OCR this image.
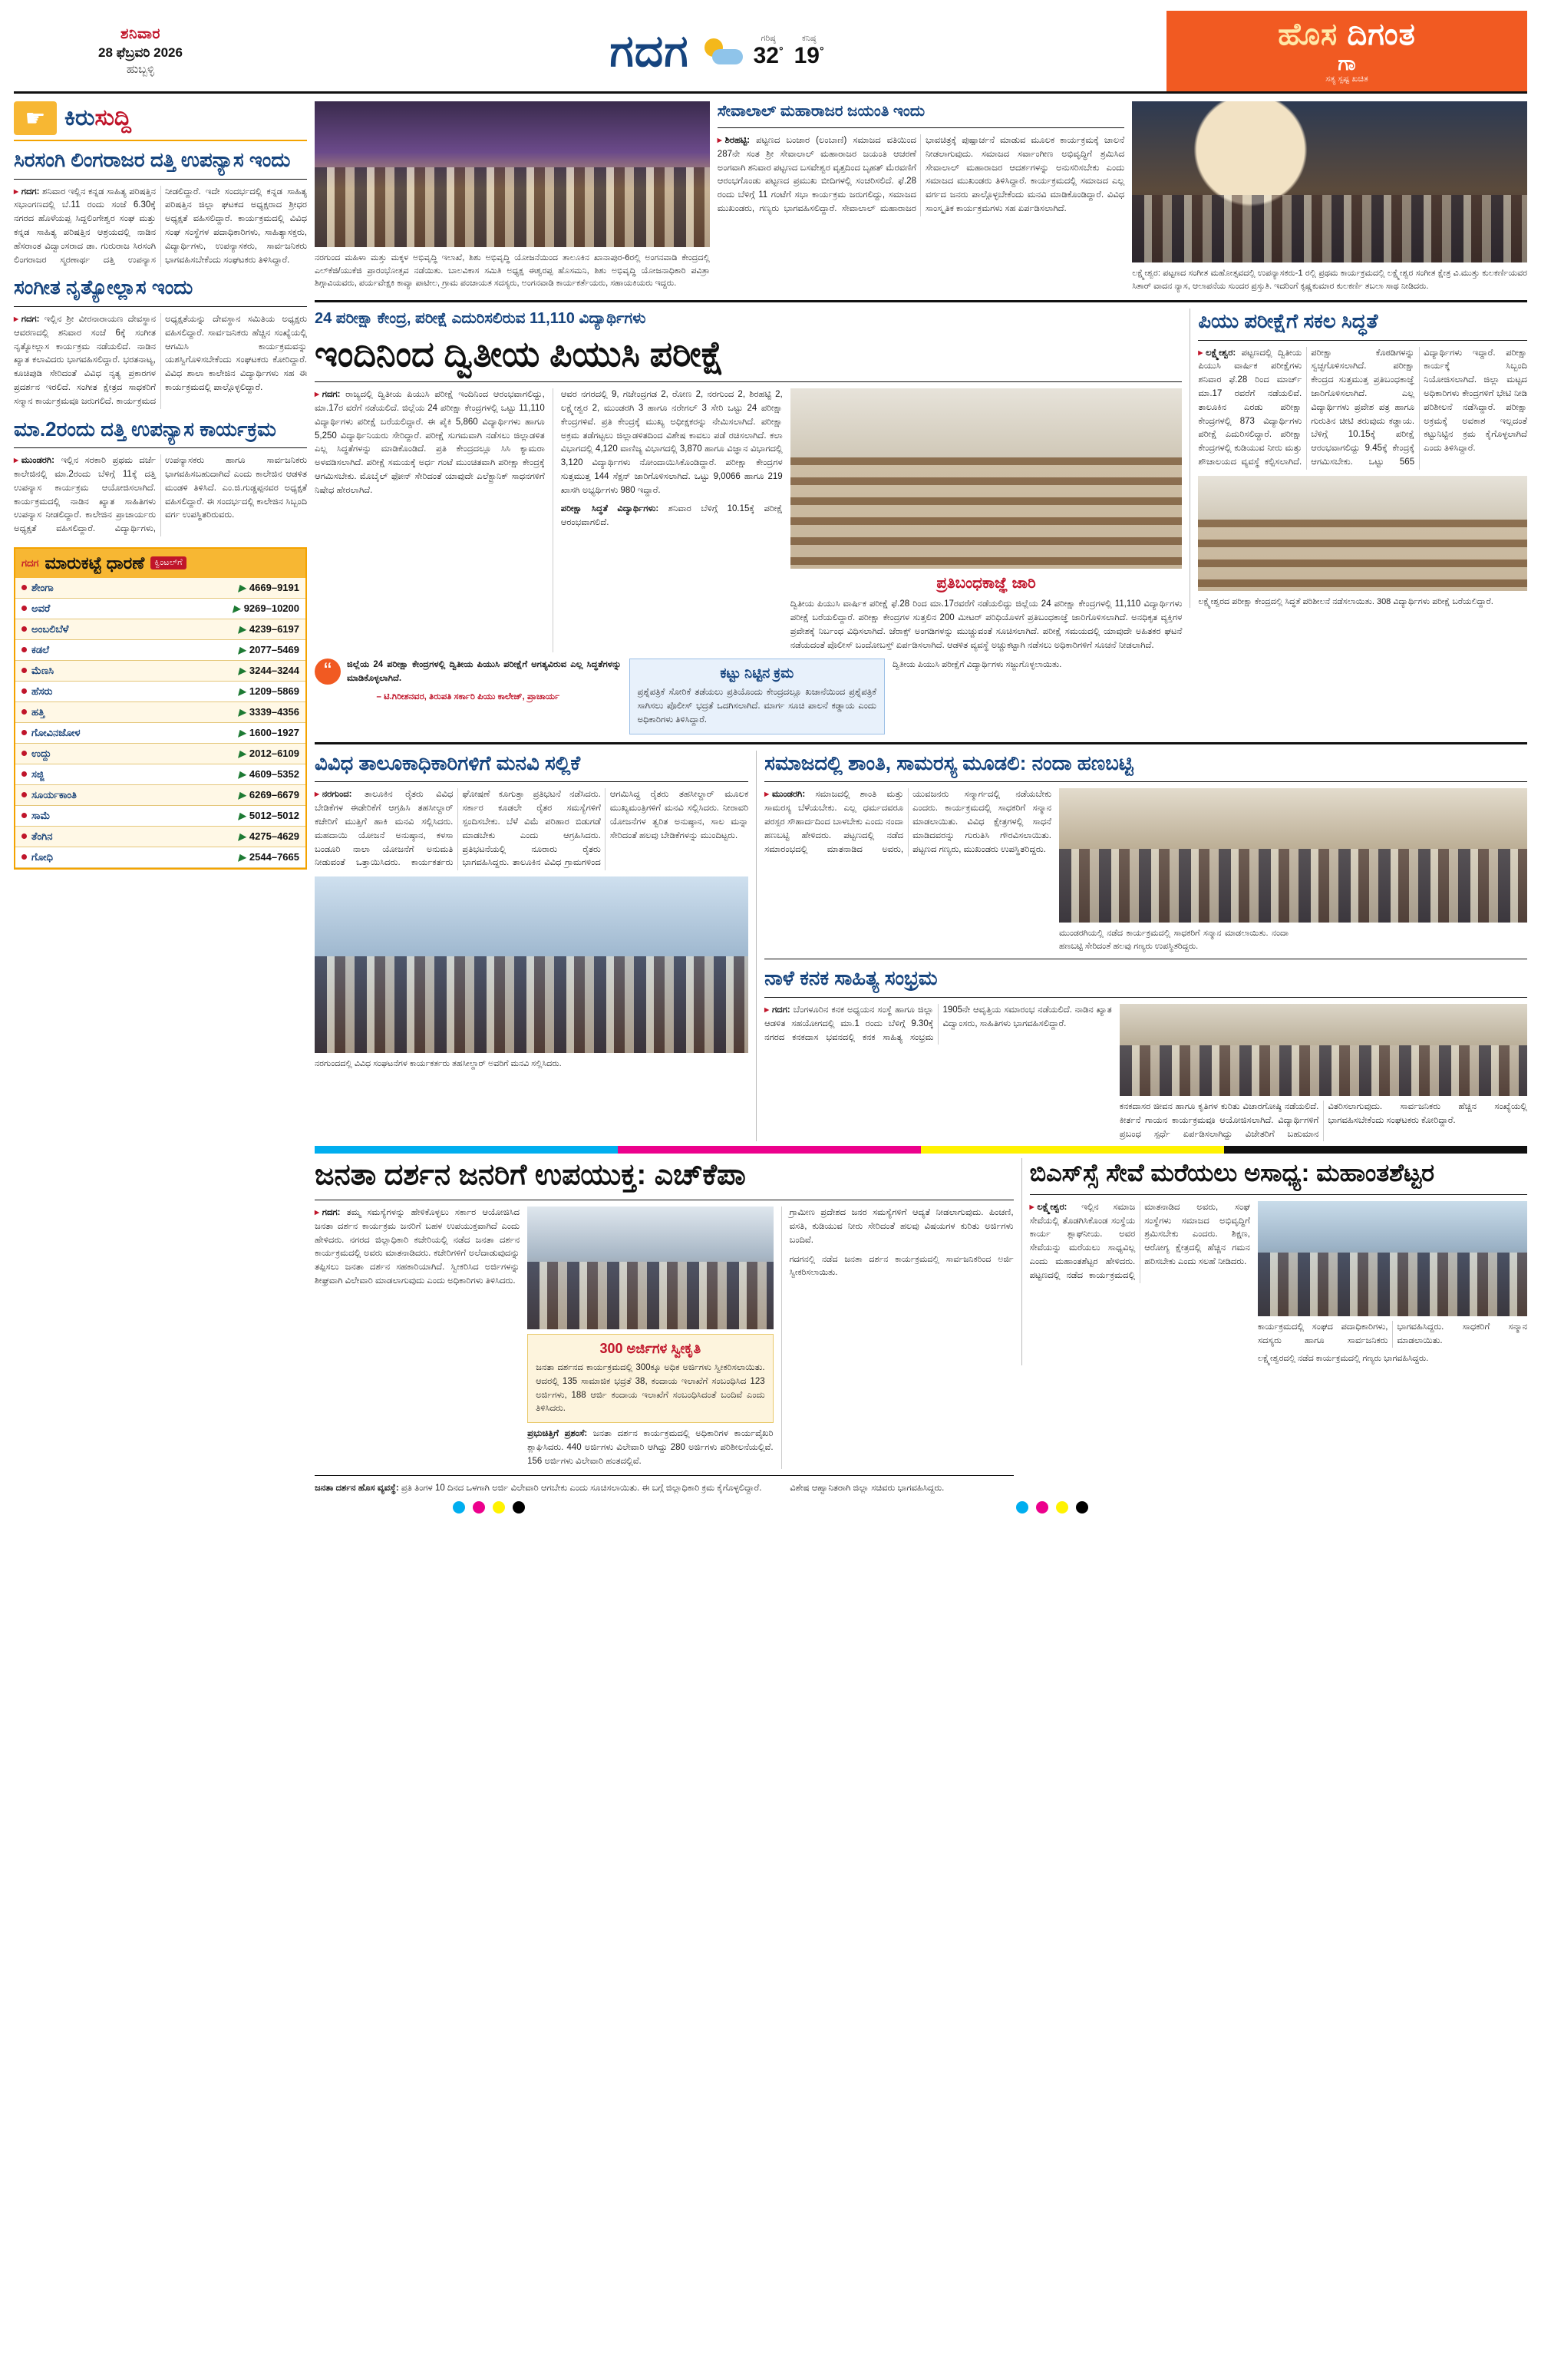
ಶನಿವಾರ
28 ಫೆಬ್ರವರಿ 2026
ಹುಬ್ಬಳ್ಳಿ	ಗದಗ	ಗರಿಷ್ಠ
32°
ಕನಿಷ್ಠ
19°	ಹೊಸ ದಿಗಂತ
ಗಾ
ಸತ್ಯ ಸ್ಪಷ್ಟ ಖಚಿತ
☛
ಕಿರುಸುದ್ದಿ
ಸಿರಸಂಗಿ ಲಿಂಗರಾಜರ ದತ್ತಿ ಉಪನ್ಯಾಸ ಇಂದು
▸ ಗದಗ: ಶನಿವಾರ ಇಲ್ಲಿನ ಕನ್ನಡ ಸಾಹಿತ್ಯ ಪರಿಷತ್ತಿನ ಸಭಾಂಗಣದಲ್ಲಿ ಬೆ.11 ರಂದು ಸಂಜೆ 6.30ಕ್ಕೆ ನಗರದ ಹೊಳೆಯಪ್ಪ ಸಿದ್ದಲಿಂಗೇಶ್ವರ ಸಂಘ ಮತ್ತು ಕನ್ನಡ ಸಾಹಿತ್ಯ ಪರಿಷತ್ತಿನ ಆಶ್ರಯದಲ್ಲಿ ನಾಡಿನ ಹೆಸರಾಂತ ವಿದ್ವಾಂಸರಾದ ಡಾ. ಗುರುರಾಜ ಸಿರಸಂಗಿ ಲಿಂಗರಾಜರ ಸ್ಮರಣಾರ್ಥ ದತ್ತಿ ಉಪನ್ಯಾಸ ನೀಡಲಿದ್ದಾರೆ. ಇದೇ ಸಂದರ್ಭದಲ್ಲಿ ಕನ್ನಡ ಸಾಹಿತ್ಯ ಪರಿಷತ್ತಿನ ಜಿಲ್ಲಾ ಘಟಕದ ಅಧ್ಯಕ್ಷರಾದ ಶ್ರೀಧರ ಅಧ್ಯಕ್ಷತೆ ವಹಿಸಲಿದ್ದಾರೆ. ಕಾರ್ಯಕ್ರಮದಲ್ಲಿ ವಿವಿಧ ಸಂಘ ಸಂಸ್ಥೆಗಳ ಪದಾಧಿಕಾರಿಗಳು, ಸಾಹಿತ್ಯಾಸಕ್ತರು, ವಿದ್ಯಾರ್ಥಿಗಳು, ಉಪನ್ಯಾಸಕರು, ಸಾರ್ವಜನಿಕರು ಭಾಗವಹಿಸಬೇಕೆಂದು ಸಂಘಟಕರು ತಿಳಿಸಿದ್ದಾರೆ.
ಸಂಗೀತ ನೃತ್ಯೋಲ್ಲಾಸ ಇಂದು
▸ ಗದಗ: ಇಲ್ಲಿನ ಶ್ರೀ ವೀರನಾರಾಯಣ ದೇವಸ್ಥಾನ ಆವರಣದಲ್ಲಿ ಶನಿವಾರ ಸಂಜೆ 6ಕ್ಕೆ ಸಂಗೀತ ನೃತ್ಯೋಲ್ಲಾಸ ಕಾರ್ಯಕ್ರಮ ನಡೆಯಲಿದೆ. ನಾಡಿನ ಖ್ಯಾತ ಕಲಾವಿದರು ಭಾಗವಹಿಸಲಿದ್ದಾರೆ. ಭರತನಾಟ್ಯ, ಕೂಚಿಪುಡಿ ಸೇರಿದಂತೆ ವಿವಿಧ ನೃತ್ಯ ಪ್ರಕಾರಗಳ ಪ್ರದರ್ಶನ ಇರಲಿದೆ. ಸಂಗೀತ ಕ್ಷೇತ್ರದ ಸಾಧಕರಿಗೆ ಸನ್ಮಾನ ಕಾರ್ಯಕ್ರಮವೂ ಜರುಗಲಿದೆ. ಕಾರ್ಯಕ್ರಮದ ಅಧ್ಯಕ್ಷತೆಯನ್ನು ದೇವಸ್ಥಾನ ಸಮಿತಿಯ ಅಧ್ಯಕ್ಷರು ವಹಿಸಲಿದ್ದಾರೆ. ಸಾರ್ವಜನಿಕರು ಹೆಚ್ಚಿನ ಸಂಖ್ಯೆಯಲ್ಲಿ ಆಗಮಿಸಿ ಕಾರ್ಯಕ್ರಮವನ್ನು ಯಶಸ್ವಿಗೊಳಿಸಬೇಕೆಂದು ಸಂಘಟಕರು ಕೋರಿದ್ದಾರೆ. ವಿವಿಧ ಶಾಲಾ ಕಾಲೇಜಿನ ವಿದ್ಯಾರ್ಥಿಗಳು ಸಹ ಈ ಕಾರ್ಯಕ್ರಮದಲ್ಲಿ ಪಾಲ್ಗೊಳ್ಳಲಿದ್ದಾರೆ.
ಮಾ.2ರಂದು ದತ್ತಿ ಉಪನ್ಯಾಸ ಕಾರ್ಯಕ್ರಮ
▸ ಮುಂಡರಗಿ: ಇಲ್ಲಿನ ಸರಕಾರಿ ಪ್ರಥಮ ದರ್ಜೆ ಕಾಲೇಜಿನಲ್ಲಿ ಮಾ.2ರಂದು ಬೆಳಿಗ್ಗೆ 11ಕ್ಕೆ ದತ್ತಿ ಉಪನ್ಯಾಸ ಕಾರ್ಯಕ್ರಮ ಆಯೋಜಿಸಲಾಗಿದೆ. ಕಾರ್ಯಕ್ರಮದಲ್ಲಿ ನಾಡಿನ ಖ್ಯಾತ ಸಾಹಿತಿಗಳು ಉಪನ್ಯಾಸ ನೀಡಲಿದ್ದಾರೆ. ಕಾಲೇಜಿನ ಪ್ರಾಚಾರ್ಯರು ಅಧ್ಯಕ್ಷತೆ ವಹಿಸಲಿದ್ದಾರೆ. ವಿದ್ಯಾರ್ಥಿಗಳು, ಉಪನ್ಯಾಸಕರು ಹಾಗೂ ಸಾರ್ವಜನಿಕರು ಭಾಗವಹಿಸಬಹುದಾಗಿದೆ ಎಂದು ಕಾಲೇಜಿನ ಆಡಳಿತ ಮಂಡಳಿ ತಿಳಿಸಿದೆ. ಎಂ.ಜಿ.ಗುಡ್ಡಪ್ಪನವರ ಅಧ್ಯಕ್ಷತೆ ವಹಿಸಲಿದ್ದಾರೆ. ಈ ಸಂದರ್ಭದಲ್ಲಿ ಕಾಲೇಜಿನ ಸಿಬ್ಬಂದಿ ವರ್ಗ ಉಪಸ್ಥಿತರಿರುವರು.
ಗದಗ ಮಾರುಕಟ್ಟೆ ಧಾರಣೆ	ಕ್ವಿಂಟಲ್‌ಗೆ
ಶೇಂಗಾ	▶ 4669–9191
ಅವರೆ	▶ 9269–10200
ಅಂಬಲಿಬೆಳೆ	▶ 4239–6197
ಕಡಲೆ	▶ 2077–5469
ಮೆಣಸಿ	▶ 3244–3244
ಹೆಸರು	▶ 1209–5869
ಹತ್ತಿ	▶ 3339–4356
ಗೋವಿನಜೋಳ	▶ 1600–1927
ಉದ್ದು	▶ 2012–6109
ಸಜ್ಜಿ	▶ 4609–5352
ಸೂರ್ಯಕಾಂತಿ	▶ 6269–6679
ಸಾಮೆ	▶ 5012–5012
ತೆಂಗಿನ	▶ 4275–4629
ಗೋಧಿ	▶ 2544–7665
ನರಗುಂದ ಮಹಿಳಾ ಮತ್ತು ಮಕ್ಕಳ ಅಭಿವೃದ್ಧಿ ಇಲಾಖೆ, ಶಿಶು ಅಭಿವೃದ್ಧಿ ಯೋಜನೆಯಿಂದ ತಾಲೂಕಿನ ಖಾನಾಪುರ-6ರಲ್ಲಿ ಅಂಗನವಾಡಿ ಕೇಂದ್ರದಲ್ಲಿ ಎಲ್‌ಕೆಜಿ/ಯುಕೆಜಿ ಪ್ರಾರಂಭೋತ್ಸವ ನಡೆಯಿತು. ಬಾಲವಿಕಾಸ ಸಮಿತಿ ಅಧ್ಯಕ್ಷ ಈಶ್ವರಪ್ಪ ಹೊಸಮನಿ, ಶಿಶು ಅಭಿವೃದ್ಧಿ ಯೋಜನಾಧಿಕಾರಿ ಪವಿತ್ರಾ ಶಿಗ್ಗಾವಿಯವರು, ಪರ್ಯವೇಕ್ಷಕಿ ಕಾವ್ಯಾ ಪಾಟೀಲ, ಗ್ರಾಮ ಪಂಚಾಯತ ಸದಸ್ಯರು, ಅಂಗನವಾಡಿ ಕಾರ್ಯಕರ್ತೆಯರು, ಸಹಾಯಕಿಯರು ಇದ್ದರು.
ಸೇವಾಲಾಲ್ ಮಹಾರಾಜರ ಜಯಂತಿ ಇಂದು
▸ ಶಿರಹಟ್ಟಿ: ಪಟ್ಟಣದ ಬಂಜಾರ (ಲಂಬಾಣಿ) ಸಮಾಜದ ವತಿಯಿಂದ 287ನೇ ಸಂತ ಶ್ರೀ ಸೇವಾಲಾಲ್ ಮಹಾರಾಜರ ಜಯಂತಿ ಆಚರಣೆ ಅಂಗವಾಗಿ ಶನಿವಾರ ಪಟ್ಟಣದ ಬಸವೇಶ್ವರ ವೃತ್ತದಿಂದ ಬೃಹತ್ ಮೆರವಣಿಗೆ ಆರಂಭಗೊಂಡು ಪಟ್ಟಣದ ಪ್ರಮುಖ ಬೀದಿಗಳಲ್ಲಿ ಸಂಚರಿಸಲಿದೆ. ಫೆ.28 ರಂದು ಬೆಳಿಗ್ಗೆ 11 ಗಂಟೆಗೆ ಸಭಾ ಕಾರ್ಯಕ್ರಮ ಜರುಗಲಿದ್ದು, ಸಮಾಜದ ಮುಖಂಡರು, ಗಣ್ಯರು ಭಾಗವಹಿಸಲಿದ್ದಾರೆ. ಸೇವಾಲಾಲ್ ಮಹಾರಾಜರ ಭಾವಚಿತ್ರಕ್ಕೆ ಪುಷ್ಪಾರ್ಚನೆ ಮಾಡುವ ಮೂಲಕ ಕಾರ್ಯಕ್ರಮಕ್ಕೆ ಚಾಲನೆ ನೀಡಲಾಗುವುದು. ಸಮಾಜದ ಸರ್ವಾಂಗೀಣ ಅಭಿವೃದ್ಧಿಗೆ ಶ್ರಮಿಸಿದ ಸೇವಾಲಾಲ್ ಮಹಾರಾಜರ ಆದರ್ಶಗಳನ್ನು ಅನುಸರಿಸಬೇಕು ಎಂದು ಸಮಾಜದ ಮುಖಂಡರು ತಿಳಿಸಿದ್ದಾರೆ. ಕಾರ್ಯಕ್ರಮದಲ್ಲಿ ಸಮಾಜದ ಎಲ್ಲ ವರ್ಗದ ಜನರು ಪಾಲ್ಗೊಳ್ಳಬೇಕೆಂದು ಮನವಿ ಮಾಡಿಕೊಂಡಿದ್ದಾರೆ. ವಿವಿಧ ಸಾಂಸ್ಕೃತಿಕ ಕಾರ್ಯಕ್ರಮಗಳು ಸಹ ಏರ್ಪಡಿಸಲಾಗಿದೆ.
ಲಕ್ಷ್ಮೇಶ್ವರ: ಪಟ್ಟಣದ ಸಂಗೀತ ಮಹೋತ್ಸವದಲ್ಲಿ ಉಪನ್ಯಾಸಕರು-1 ರಲ್ಲಿ ಪ್ರಥಮ ಕಾರ್ಯಕ್ರಮದಲ್ಲಿ ಲಕ್ಷ್ಮೇಶ್ವರ ಸಂಗೀತ ಕ್ಷೇತ್ರ ವಿ.ಮುತ್ತು ಕುಲಕರ್ಣಿಯವರ ಸಿತಾರ್ ವಾದನ ನ್ಯಾಸ, ಆಲಾಪನೆಯ ಸುಂದರ ಪ್ರಸ್ತುತಿ. ಇದರಿಂಗೆ ಕೃಷ್ಣಕುಮಾರ ಕುಲಕರ್ಣಿ ತಬಲಾ ಸಾಥ ನೀಡಿದರು.
24 ಪರೀಕ್ಷಾ ಕೇಂದ್ರ, ಪರೀಕ್ಷೆ ಎದುರಿಸಲಿರುವ 11,110 ವಿದ್ಯಾರ್ಥಿಗಳು
ಇಂದಿನಿಂದ ದ್ವಿತೀಯ ಪಿಯುಸಿ ಪರೀಕ್ಷೆ
▸ ಗದಗ: ರಾಜ್ಯದಲ್ಲಿ ದ್ವಿತೀಯ ಪಿಯುಸಿ ಪರೀಕ್ಷೆ ಇಂದಿನಿಂದ ಆರಂಭವಾಗಲಿದ್ದು, ಮಾ.17ರ ವರೆಗೆ ನಡೆಯಲಿದೆ. ಜಿಲ್ಲೆಯ 24 ಪರೀಕ್ಷಾ ಕೇಂದ್ರಗಳಲ್ಲಿ ಒಟ್ಟು 11,110 ವಿದ್ಯಾರ್ಥಿಗಳು ಪರೀಕ್ಷೆ ಬರೆಯಲಿದ್ದಾರೆ. ಈ ಪೈಕಿ 5,860 ವಿದ್ಯಾರ್ಥಿಗಳು ಹಾಗೂ 5,250 ವಿದ್ಯಾರ್ಥಿನಿಯರು ಸೇರಿದ್ದಾರೆ. ಪರೀಕ್ಷೆ ಸುಗಮವಾಗಿ ನಡೆಸಲು ಜಿಲ್ಲಾಡಳಿತ ಎಲ್ಲ ಸಿದ್ಧತೆಗಳನ್ನು ಮಾಡಿಕೊಂಡಿದೆ. ಪ್ರತಿ ಕೇಂದ್ರದಲ್ಲೂ ಸಿಸಿ ಕ್ಯಾಮರಾ ಅಳವಡಿಸಲಾಗಿದೆ. ಪರೀಕ್ಷೆ ಸಮಯಕ್ಕೆ ಅರ್ಧ ಗಂಟೆ ಮುಂಚಿತವಾಗಿ ಪರೀಕ್ಷಾ ಕೇಂದ್ರಕ್ಕೆ ಆಗಮಿಸಬೇಕು. ಮೊಬೈಲ್ ಫೋನ್ ಸೇರಿದಂತೆ ಯಾವುದೇ ಎಲೆಕ್ಟ್ರಾನಿಕ್ ಸಾಧನಗಳಿಗೆ ನಿಷೇಧ ಹೇರಲಾಗಿದೆ.
ಆವರ ನಗರದಲ್ಲಿ 9, ಗಜೇಂದ್ರಗಡ 2, ರೋಣ 2, ನರಗುಂದ 2, ಶಿರಹಟ್ಟಿ 2, ಲಕ್ಷ್ಮೇಶ್ವರ 2, ಮುಂಡರಗಿ 3 ಹಾಗೂ ನರೇಗಲ್ 3 ಸೇರಿ ಒಟ್ಟು 24 ಪರೀಕ್ಷಾ ಕೇಂದ್ರಗಳಿವೆ. ಪ್ರತಿ ಕೇಂದ್ರಕ್ಕೆ ಮುಖ್ಯ ಅಧೀಕ್ಷಕರನ್ನು ನೇಮಿಸಲಾಗಿದೆ. ಪರೀಕ್ಷಾ ಅಕ್ರಮ ತಡೆಗಟ್ಟಲು ಜಿಲ್ಲಾಡಳಿತದಿಂದ ವಿಶೇಷ ಕಾವಲು ಪಡೆ ರಚಿಸಲಾಗಿದೆ. ಕಲಾ ವಿಭಾಗದಲ್ಲಿ 4,120 ವಾಣಿಜ್ಯ ವಿಭಾಗದಲ್ಲಿ 3,870 ಹಾಗೂ ವಿಜ್ಞಾನ ವಿಭಾಗದಲ್ಲಿ 3,120 ವಿದ್ಯಾರ್ಥಿಗಳು ನೋಂದಾಯಿಸಿಕೊಂಡಿದ್ದಾರೆ. ಪರೀಕ್ಷಾ ಕೇಂದ್ರಗಳ ಸುತ್ತಮುತ್ತ 144 ಸೆಕ್ಷನ್ ಜಾರಿಗೊಳಿಸಲಾಗಿದೆ. ಒಟ್ಟು 9,0066 ಹಾಗೂ 219 ಖಾಸಗಿ ಅಭ್ಯರ್ಥಿಗಳು 980 ಇದ್ದಾರೆ.
ಪರೀಕ್ಷಾ ಸಿದ್ಧತೆ ವಿದ್ಯಾರ್ಥಿಗಳು: ಶನಿವಾರ ಬೆಳಿಗ್ಗೆ 10.15ಕ್ಕೆ ಪರೀಕ್ಷೆ ಆರಂಭವಾಗಲಿದೆ.
ಪ್ರತಿಬಂಧಕಾಜ್ಞೆ ಜಾರಿ
ದ್ವಿತೀಯ ಪಿಯುಸಿ ವಾರ್ಷಿಕ ಪರೀಕ್ಷೆ ಫೆ.28 ರಿಂದ ಮಾ.17ರವರೆಗೆ ನಡೆಯಲಿದ್ದು ಜಿಲ್ಲೆಯ 24 ಪರೀಕ್ಷಾ ಕೇಂದ್ರಗಳಲ್ಲಿ 11,110 ವಿದ್ಯಾರ್ಥಿಗಳು ಪರೀಕ್ಷೆ ಬರೆಯಲಿದ್ದಾರೆ. ಪರೀಕ್ಷಾ ಕೇಂದ್ರಗಳ ಸುತ್ತಲಿನ 200 ಮೀಟರ್ ಪರಿಧಿಯೊಳಗೆ ಪ್ರತಿಬಂಧಕಾಜ್ಞೆ ಜಾರಿಗೊಳಿಸಲಾಗಿದೆ. ಅನಧಿಕೃತ ವ್ಯಕ್ತಿಗಳ ಪ್ರವೇಶಕ್ಕೆ ನಿರ್ಬಂಧ ವಿಧಿಸಲಾಗಿದೆ. ಜೆರಾಕ್ಸ್ ಅಂಗಡಿಗಳನ್ನು ಮುಚ್ಚುವಂತೆ ಸೂಚಿಸಲಾಗಿದೆ. ಪರೀಕ್ಷೆ ಸಮಯದಲ್ಲಿ ಯಾವುದೇ ಅಹಿತಕರ ಘಟನೆ ನಡೆಯದಂತೆ ಪೊಲೀಸ್ ಬಂದೋಬಸ್ತ್ ಏರ್ಪಡಿಸಲಾಗಿದೆ. ಆಡಳಿತ ವ್ಯವಸ್ಥೆ ಅಚ್ಚುಕಟ್ಟಾಗಿ ನಡೆಸಲು ಅಧಿಕಾರಿಗಳಿಗೆ ಸೂಚನೆ ನೀಡಲಾಗಿದೆ.
“
ಜಿಲ್ಲೆಯ 24 ಪರೀಕ್ಷಾ ಕೇಂದ್ರಗಳಲ್ಲಿ ದ್ವಿತೀಯ ಪಿಯುಸಿ ಪರೀಕ್ಷೆಗೆ ಅಗತ್ಯವಿರುವ ಎಲ್ಲ ಸಿದ್ಧತೆಗಳನ್ನು ಮಾಡಿಕೊಳ್ಳಲಾಗಿದೆ.
– ಟಿ.ಗಿರೀಶನವರ, ತಿರುಪತಿ ಸರ್ಕಾರಿ ಪಿಯು ಕಾಲೇಜ್, ಪ್ರಾಚಾರ್ಯ
ಕಟ್ಟು ನಿಟ್ಟಿನ ಕ್ರಮ
ಪ್ರಶ್ನೆಪತ್ರಿಕೆ ಸೋರಿಕೆ ತಡೆಯಲು ಪ್ರತಿಯೊಂದು ಕೇಂದ್ರದಲ್ಲೂ ಖಜಾನೆಯಿಂದ ಪ್ರಶ್ನೆಪತ್ರಿಕೆ ಸಾಗಿಸಲು ಪೊಲೀಸ್ ಭದ್ರತೆ ಒದಗಿಸಲಾಗಿದೆ. ಮಾರ್ಗ ಸೂಚಿ ಪಾಲನೆ ಕಡ್ಡಾಯ ಎಂದು ಅಧಿಕಾರಿಗಳು ತಿಳಿಸಿದ್ದಾರೆ.
ದ್ವಿತೀಯ ಪಿಯುಸಿ ಪರೀಕ್ಷೆಗೆ ವಿದ್ಯಾರ್ಥಿಗಳು ಸಜ್ಜುಗೊಳ್ಳಲಾಯಿತು.
ಪಿಯು ಪರೀಕ್ಷೆಗೆ ಸಕಲ ಸಿದ್ಧತೆ
▸ ಲಕ್ಷ್ಮೇಶ್ವರ: ಪಟ್ಟಣದಲ್ಲಿ ದ್ವಿತೀಯ ಪಿಯುಸಿ ವಾರ್ಷಿಕ ಪರೀಕ್ಷೆಗಳು ಶನಿವಾರ ಫೆ.28 ರಿಂದ ಮಾರ್ಚ್‌ ಮಾ.17 ರವರೆಗೆ ನಡೆಯಲಿವೆ. ತಾಲೂಕಿನ ಎರಡು ಪರೀಕ್ಷಾ ಕೇಂದ್ರಗಳಲ್ಲಿ 873 ವಿದ್ಯಾರ್ಥಿಗಳು ಪರೀಕ್ಷೆ ಎದುರಿಸಲಿದ್ದಾರೆ. ಪರೀಕ್ಷಾ ಕೇಂದ್ರಗಳಲ್ಲಿ ಕುಡಿಯುವ ನೀರು ಮತ್ತು ಶೌಚಾಲಯದ ವ್ಯವಸ್ಥೆ ಕಲ್ಪಿಸಲಾಗಿದೆ. ಪರೀಕ್ಷಾ ಕೊಠಡಿಗಳನ್ನು ಸ್ವಚ್ಛಗೊಳಿಸಲಾಗಿದೆ.	ಪರೀಕ್ಷಾ ಕೇಂದ್ರದ ಸುತ್ತಮುತ್ತ ಪ್ರತಿಬಂಧಕಾಜ್ಞೆ ಜಾರಿಗೊಳಿಸಲಾಗಿದೆ. ಎಲ್ಲ ವಿದ್ಯಾರ್ಥಿಗಳು ಪ್ರವೇಶ ಪತ್ರ ಹಾಗೂ ಗುರುತಿನ ಚೀಟಿ ತರುವುದು ಕಡ್ಡಾಯ. ಬೆಳಿಗ್ಗೆ 10.15ಕ್ಕೆ ಪರೀಕ್ಷೆ ಆರಂಭವಾಗಲಿದ್ದು 9.45ಕ್ಕೆ ಕೇಂದ್ರಕ್ಕೆ ಆಗಮಿಸಬೇಕು. ಒಟ್ಟು 565 ವಿದ್ಯಾರ್ಥಿಗಳು ಇದ್ದಾರೆ. ಪರೀಕ್ಷಾ ಕಾರ್ಯಕ್ಕೆ ಸಿಬ್ಬಂದಿ ನಿಯೋಜಿಸಲಾಗಿದೆ. ಜಿಲ್ಲಾ ಮಟ್ಟದ ಅಧಿಕಾರಿಗಳು ಕೇಂದ್ರಗಳಿಗೆ ಭೇಟಿ ನೀಡಿ ಪರಿಶೀಲನೆ ನಡೆಸಿದ್ದಾರೆ. ಪರೀಕ್ಷಾ ಅಕ್ರಮಕ್ಕೆ ಅವಕಾಶ ಇಲ್ಲದಂತೆ ಕಟ್ಟುನಿಟ್ಟಿನ ಕ್ರಮ ಕೈಗೊಳ್ಳಲಾಗಿದೆ ಎಂದು ತಿಳಿಸಿದ್ದಾರೆ.
ಲಕ್ಷ್ಮೇಶ್ವರದ ಪರೀಕ್ಷಾ ಕೇಂದ್ರದಲ್ಲಿ ಸಿದ್ಧತೆ ಪರಿಶೀಲನೆ ನಡೆಸಲಾಯಿತು. 308 ವಿದ್ಯಾರ್ಥಿಗಳು ಪರೀಕ್ಷೆ ಬರೆಯಲಿದ್ದಾರೆ.
ವಿವಿಧ ತಾಲೂಕಾಧಿಕಾರಿಗಳಿಗೆ ಮನವಿ ಸಲ್ಲಿಕೆ
▸ ನರಗುಂದ: ತಾಲೂಕಿನ ರೈತರು ವಿವಿಧ ಬೇಡಿಕೆಗಳ ಈಡೇರಿಕೆಗೆ ಆಗ್ರಹಿಸಿ ತಹಸೀಲ್ದಾರ್ ಕಚೇರಿಗೆ ಮುತ್ತಿಗೆ ಹಾಕಿ ಮನವಿ ಸಲ್ಲಿಸಿದರು. ಮಹದಾಯಿ ಯೋಜನೆ ಅನುಷ್ಠಾನ, ಕಳಸಾ ಬಂಡೂರಿ ನಾಲಾ ಯೋಜನೆಗೆ ಅನುಮತಿ ನೀಡುವಂತೆ ಒತ್ತಾಯಿಸಿದರು. ಕಾರ್ಯಕರ್ತರು ಘೋಷಣೆ ಕೂಗುತ್ತಾ ಪ್ರತಿಭಟನೆ ನಡೆಸಿದರು. ಸರ್ಕಾರ ಕೂಡಲೇ ರೈತರ ಸಮಸ್ಯೆಗಳಿಗೆ ಸ್ಪಂದಿಸಬೇಕು. ಬೆಳೆ ವಿಮೆ ಪರಿಹಾರ ಬಿಡುಗಡೆ ಮಾಡಬೇಕು ಎಂದು ಆಗ್ರಹಿಸಿದರು. ಪ್ರತಿಭಟನೆಯಲ್ಲಿ ನೂರಾರು ರೈತರು ಭಾಗವಹಿಸಿದ್ದರು. ತಾಲೂಕಿನ ವಿವಿಧ ಗ್ರಾಮಗಳಿಂದ ಆಗಮಿಸಿದ್ದ ರೈತರು ತಹಸೀಲ್ದಾರ್ ಮೂಲಕ ಮುಖ್ಯಮಂತ್ರಿಗಳಿಗೆ ಮನವಿ ಸಲ್ಲಿಸಿದರು. ನೀರಾವರಿ ಯೋಜನೆಗಳ ತ್ವರಿತ ಅನುಷ್ಠಾನ, ಸಾಲ ಮನ್ನಾ ಸೇರಿದಂತೆ ಹಲವು ಬೇಡಿಕೆಗಳನ್ನು ಮುಂದಿಟ್ಟರು.
ನರಗುಂದದಲ್ಲಿ ವಿವಿಧ ಸಂಘಟನೆಗಳ ಕಾರ್ಯಕರ್ತರು ತಹಸೀಲ್ದಾರ್ ಅವರಿಗೆ ಮನವಿ ಸಲ್ಲಿಸಿದರು.
ಸಮಾಜದಲ್ಲಿ ಶಾಂತಿ, ಸಾಮರಸ್ಯ ಮೂಡಲಿ: ನಂದಾ ಹಣಬಟ್ಟಿ
▸ ಮುಂಡರಗಿ: ಸಮಾಜದಲ್ಲಿ ಶಾಂತಿ ಮತ್ತು ಸಾಮರಸ್ಯ ಬೆಳೆಯಬೇಕು. ಎಲ್ಲ ಧರ್ಮದವರೂ ಪರಸ್ಪರ ಸೌಹಾರ್ದದಿಂದ ಬಾಳಬೇಕು ಎಂದು ನಂದಾ ಹಣಬಟ್ಟಿ ಹೇಳಿದರು. ಪಟ್ಟಣದಲ್ಲಿ ನಡೆದ ಸಮಾರಂಭದಲ್ಲಿ ಮಾತನಾಡಿದ ಅವರು, ಯುವಜನರು ಸನ್ಮಾರ್ಗದಲ್ಲಿ ನಡೆಯಬೇಕು ಎಂದರು. ಕಾರ್ಯಕ್ರಮದಲ್ಲಿ ಸಾಧಕರಿಗೆ ಸನ್ಮಾನ ಮಾಡಲಾಯಿತು. ವಿವಿಧ ಕ್ಷೇತ್ರಗಳಲ್ಲಿ ಸಾಧನೆ ಮಾಡಿದವರನ್ನು ಗುರುತಿಸಿ ಗೌರವಿಸಲಾಯಿತು. ಪಟ್ಟಣದ ಗಣ್ಯರು, ಮುಖಂಡರು ಉಪಸ್ಥಿತರಿದ್ದರು.
ಮುಂಡರಗಿಯಲ್ಲಿ ನಡೆದ ಕಾರ್ಯಕ್ರಮದಲ್ಲಿ ಸಾಧಕರಿಗೆ ಸನ್ಮಾನ ಮಾಡಲಾಯಿತು. ನಂದಾ ಹಣಬಟ್ಟಿ ಸೇರಿದಂತೆ ಹಲವು ಗಣ್ಯರು ಉಪಸ್ಥಿತರಿದ್ದರು.
ನಾಳೆ ಕನಕ ಸಾಹಿತ್ಯ ಸಂಭ್ರಮ
▸ ಗದಗ: ಬೆಂಗಳೂರಿನ ಕನಕ ಅಧ್ಯಯನ ಸಂಸ್ಥೆ ಹಾಗೂ ಜಿಲ್ಲಾ ಆಡಳಿತ ಸಹಯೋಗದಲ್ಲಿ ಮಾ.1 ರಂದು ಬೆಳಿಗ್ಗೆ 9.30ಕ್ಕೆ ನಗರದ ಕನಕದಾಸ ಭವನದಲ್ಲಿ ಕನಕ ಸಾಹಿತ್ಯ ಸಂಭ್ರಮ 1905ನೇ ಆವೃತ್ತಿಯ ಸಮಾರಂಭ ನಡೆಯಲಿದೆ. ನಾಡಿನ ಖ್ಯಾತ ವಿದ್ವಾಂಸರು, ಸಾಹಿತಿಗಳು ಭಾಗವಹಿಸಲಿದ್ದಾರೆ.
ಕನಕದಾಸರ ಜೀವನ ಹಾಗೂ ಕೃತಿಗಳ ಕುರಿತು ವಿಚಾರಗೋಷ್ಠಿ ನಡೆಯಲಿದೆ. ಕೀರ್ತನೆ ಗಾಯನ ಕಾರ್ಯಕ್ರಮವೂ ಆಯೋಜಿಸಲಾಗಿದೆ. ವಿದ್ಯಾರ್ಥಿಗಳಿಗೆ ಪ್ರಬಂಧ ಸ್ಪರ್ಧೆ ಏರ್ಪಡಿಸಲಾಗಿದ್ದು ವಿಜೇತರಿಗೆ ಬಹುಮಾನ ವಿತರಿಸಲಾಗುವುದು. ಸಾರ್ವಜನಿಕರು ಹೆಚ್ಚಿನ ಸಂಖ್ಯೆಯಲ್ಲಿ ಭಾಗವಹಿಸಬೇಕೆಂದು ಸಂಘಟಕರು ಕೋರಿದ್ದಾರೆ.
ಜನತಾ ದರ್ಶನ ಜನರಿಗೆ ಉಪಯುಕ್ತ: ಎಚ್‌ಕೆಪಾ
▸ ಗದಗ: ತಮ್ಮ ಸಮಸ್ಯೆಗಳನ್ನು ಹೇಳಿಕೊಳ್ಳಲು ಸರ್ಕಾರ ಆಯೋಜಿಸಿದ ಜನತಾ ದರ್ಶನ ಕಾರ್ಯಕ್ರಮ ಜನರಿಗೆ ಬಹಳ ಉಪಯುಕ್ತವಾಗಿದೆ ಎಂದು ಹೇಳಿದರು. ನಗರದ ಜಿಲ್ಲಾಧಿಕಾರಿ ಕಚೇರಿಯಲ್ಲಿ ನಡೆದ ಜನತಾ ದರ್ಶನ ಕಾರ್ಯಕ್ರಮದಲ್ಲಿ ಅವರು ಮಾತನಾಡಿದರು. ಕಚೇರಿಗಳಿಗೆ ಅಲೆದಾಡುವುದನ್ನು ತಪ್ಪಿಸಲು ಜನತಾ ದರ್ಶನ ಸಹಕಾರಿಯಾಗಿದೆ. ಸ್ವೀಕರಿಸಿದ ಅರ್ಜಿಗಳನ್ನು ಶೀಘ್ರವಾಗಿ ವಿಲೇವಾರಿ ಮಾಡಲಾಗುವುದು ಎಂದು ಅಧಿಕಾರಿಗಳು ತಿಳಿಸಿದರು.
300 ಅರ್ಜಿಗಳ ಸ್ವೀಕೃತಿ
ಜನತಾ ದರ್ಶನದ ಕಾರ್ಯಕ್ರಮದಲ್ಲಿ 300ಕ್ಕೂ ಅಧಿಕ ಅರ್ಜಿಗಳು ಸ್ವೀಕರಿಸಲಾಯಿತು. ಆದರಲ್ಲಿ 135 ಸಾಮಾಜಿಕ ಭದ್ರತೆ 38, ಕಂದಾಯ ಇಲಾಖೆಗೆ ಸಂಬಂಧಿಸಿದ 123 ಅರ್ಜಿಗಳು, 188 ಆರ್ಜಿ ಕಂದಾಯ ಇಲಾಖೆಗೆ ಸಂಬಂಧಿಸಿದಂತೆ ಬಂದಿವೆ ಎಂದು ತಿಳಿಸಿದರು.
ಪ್ರಭುಚಿತ್ತಿಗೆ ಪ್ರಶಂಸೆ: ಜನತಾ ದರ್ಶನ ಕಾರ್ಯಕ್ರಮದಲ್ಲಿ ಅಧಿಕಾರಿಗಳ ಕಾರ್ಯವೈಖರಿ ಶ್ಲಾಘಿಸಿದರು. 440 ಅರ್ಜಿಗಳು ವಿಲೇವಾರಿ ಆಗಿದ್ದು 280 ಅರ್ಜಿಗಳು ಪರಿಶೀಲನೆಯಲ್ಲಿವೆ. 156 ಅರ್ಜಿಗಳು ವಿಲೇವಾರಿ ಹಂತದಲ್ಲಿವೆ.
ಗ್ರಾಮೀಣ ಪ್ರದೇಶದ ಜನರ ಸಮಸ್ಯೆಗಳಿಗೆ ಆದ್ಯತೆ ನೀಡಲಾಗುವುದು. ಪಿಂಚಣಿ, ವಸತಿ, ಕುಡಿಯುವ ನೀರು ಸೇರಿದಂತೆ ಹಲವು ವಿಷಯಗಳ ಕುರಿತು ಅರ್ಜಿಗಳು ಬಂದಿವೆ.
ಗದಗನಲ್ಲಿ ನಡೆದ ಜನತಾ ದರ್ಶನ ಕಾರ್ಯಕ್ರಮದಲ್ಲಿ ಸಾರ್ವಜನಿಕರಿಂದ ಅರ್ಜಿ ಸ್ವೀಕರಿಸಲಾಯಿತು.
ಜನತಾ ದರ್ಶನ ಹೊಸ ವ್ಯವಸ್ಥೆ: ಪ್ರತಿ ತಿಂಗಳ 10 ದಿನದ ಒಳಗಾಗಿ ಅರ್ಜಿ ವಿಲೇವಾರಿ ಆಗಬೇಕು ಎಂದು ಸೂಚಿಸಲಾಯಿತು. ಈ ಬಗ್ಗೆ ಜಿಲ್ಲಾಧಿಕಾರಿ ಕ್ರಮ ಕೈಗೊಳ್ಳಲಿದ್ದಾರೆ.	ವಿಶೇಷ ಆಹ್ವಾನಿತರಾಗಿ ಜಿಲ್ಲಾ ಸಚಿವರು ಭಾಗವಹಿಸಿದ್ದರು.
ಬಿಎಸ್‌ಸ್ಸೆ ಸೇವೆ ಮರೆಯಲು ಅಸಾಧ್ಯ: ಮಹಾಂತಶೆಟ್ಟರ
▸ ಲಕ್ಷ್ಮೇಶ್ವರ: ಇಲ್ಲಿನ ಸಮಾಜ ಸೇವೆಯಲ್ಲಿ ತೊಡಗಿಸಿಕೊಂಡ ಸಂಸ್ಥೆಯ ಕಾರ್ಯ ಶ್ಲಾಘನೀಯ. ಅವರ ಸೇವೆಯನ್ನು ಮರೆಯಲು ಸಾಧ್ಯವಿಲ್ಲ ಎಂದು ಮಹಾಂತಶೆಟ್ಟರ ಹೇಳಿದರು. ಪಟ್ಟಣದಲ್ಲಿ ನಡೆದ ಕಾರ್ಯಕ್ರಮದಲ್ಲಿ ಮಾತನಾಡಿದ ಅವರು, ಸಂಘ ಸಂಸ್ಥೆಗಳು ಸಮಾಜದ ಅಭಿವೃದ್ಧಿಗೆ ಶ್ರಮಿಸಬೇಕು ಎಂದರು. ಶಿಕ್ಷಣ, ಆರೋಗ್ಯ ಕ್ಷೇತ್ರದಲ್ಲಿ ಹೆಚ್ಚಿನ ಗಮನ ಹರಿಸಬೇಕು ಎಂದು ಸಲಹೆ ನೀಡಿದರು.
ಕಾರ್ಯಕ್ರಮದಲ್ಲಿ ಸಂಘದ ಪದಾಧಿಕಾರಿಗಳು, ಸದಸ್ಯರು ಹಾಗೂ ಸಾರ್ವಜನಿಕರು ಭಾಗವಹಿಸಿದ್ದರು. ಸಾಧಕರಿಗೆ ಸನ್ಮಾನ ಮಾಡಲಾಯಿತು.
ಲಕ್ಷ್ಮೇಶ್ವರದಲ್ಲಿ ನಡೆದ ಕಾರ್ಯಕ್ರಮದಲ್ಲಿ ಗಣ್ಯರು ಭಾಗವಹಿಸಿದ್ದರು.
